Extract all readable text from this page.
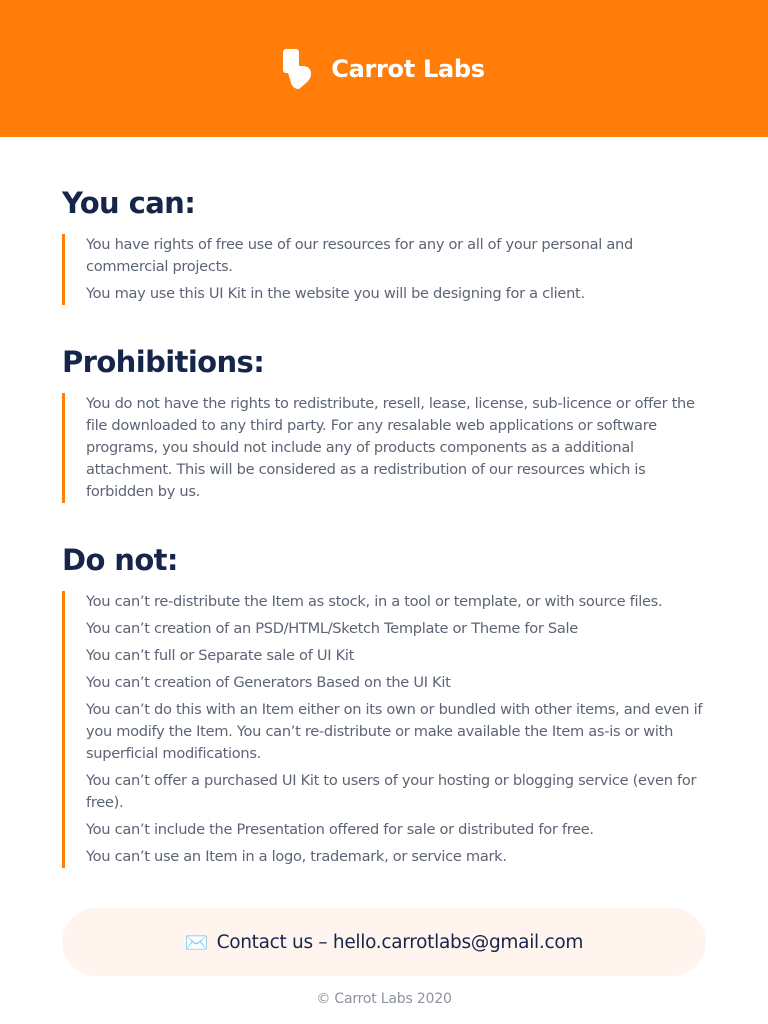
Carrot Labs
You can:

You have rights of free use of our resources for any or all of your personal and commercial projects.

You may use this UI Kit in the website you will be designing for a client.

Prohibitions:

You do not have the rights to redistribute, resell, lease, license, sub-licence or offer the file downloaded to any third party. For any resalable web applications or software programs, you should not include any of products components as a additional attachment. This will be considered as a redistribution of our resources which is forbidden by us.

Do not:

You can’t re-distribute the Item as stock, in a tool or template, or with source files.

You can’t creation of an PSD/HTML/Sketch Template or Theme for Sale

You can’t full or Separate sale of UI Kit

You can’t creation of Generators Based on the UI Kit

You can’t do this with an Item either on its own or bundled with other items, and even if you modify the Item. You can’t re-distribute or make available the Item as-is or with superficial modifications.

You can’t offer a purchased UI Kit to users of your hosting or blogging service (even for free).

You can’t include the Presentation offered for sale or distributed for free.

You can’t use an Item in a logo, trademark, or service mark.

✉️ Contact us – hello.carrotlabs@gmail.com
© Carrot Labs 2020
